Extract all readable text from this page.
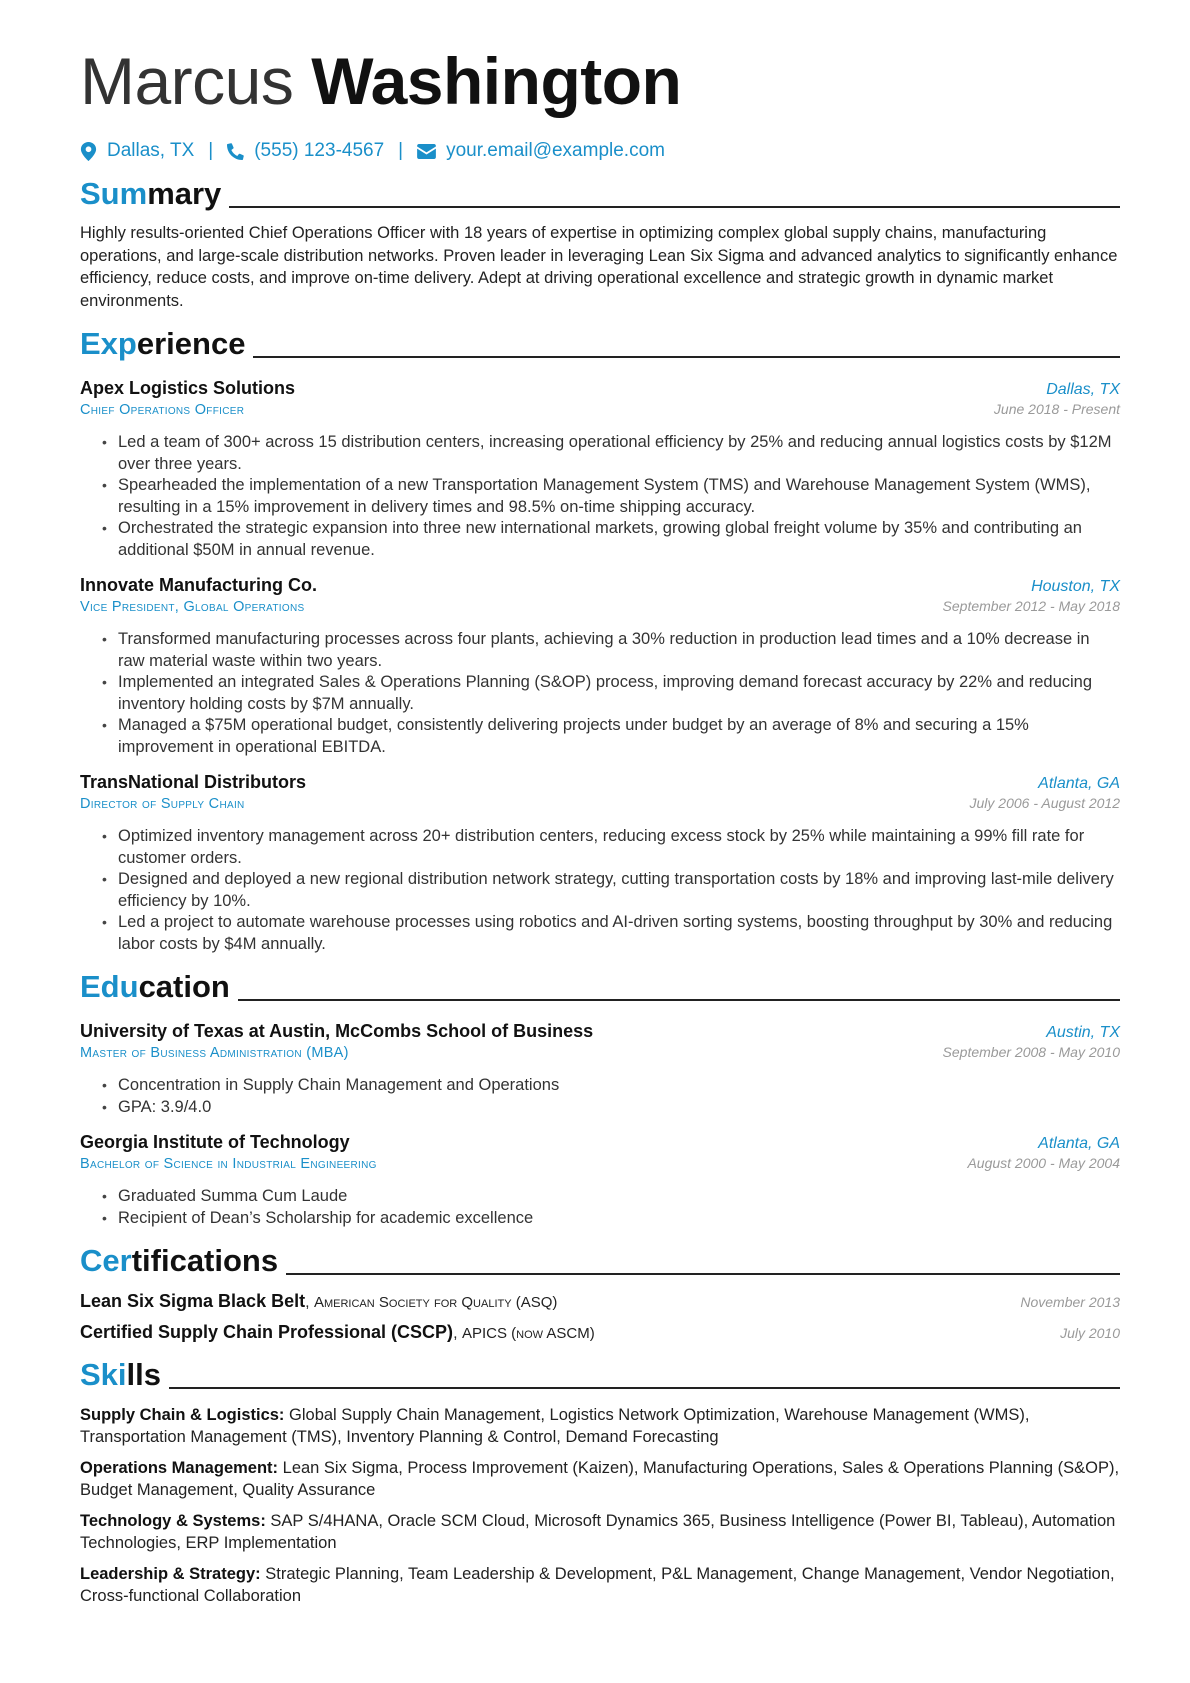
Marcus Washington
Dallas, TX | (555) 123-4567 | your.email@example.com
Summary
Highly results-oriented Chief Operations Officer with 18 years of expertise in optimizing complex global supply chains, manufacturing operations, and large-scale distribution networks. Proven leader in leveraging Lean Six Sigma and advanced analytics to significantly enhance efficiency, reduce costs, and improve on-time delivery. Adept at driving operational excellence and strategic growth in dynamic market environments.
Experience
Apex Logistics Solutions	Dallas, TX
Chief Operations Officer	June 2018 - Present
• Led a team of 300+ across 15 distribution centers, increasing operational efficiency by 25% and reducing annual logistics costs by $12M over three years.
• Spearheaded the implementation of a new Transportation Management System (TMS) and Warehouse Management System (WMS), resulting in a 15% improvement in delivery times and 98.5% on-time shipping accuracy.
• Orchestrated the strategic expansion into three new international markets, growing global freight volume by 35% and contributing an additional $50M in annual revenue.
Innovate Manufacturing Co.	Houston, TX
Vice President, Global Operations	September 2012 - May 2018
• Transformed manufacturing processes across four plants, achieving a 30% reduction in production lead times and a 10% decrease in raw material waste within two years.
• Implemented an integrated Sales & Operations Planning (S&OP) process, improving demand forecast accuracy by 22% and reducing inventory holding costs by $7M annually.
• Managed a $75M operational budget, consistently delivering projects under budget by an average of 8% and securing a 15% improvement in operational EBITDA.
TransNational Distributors	Atlanta, GA
Director of Supply Chain	July 2006 - August 2012
• Optimized inventory management across 20+ distribution centers, reducing excess stock by 25% while maintaining a 99% fill rate for customer orders.
• Designed and deployed a new regional distribution network strategy, cutting transportation costs by 18% and improving last-mile delivery efficiency by 10%.
• Led a project to automate warehouse processes using robotics and AI-driven sorting systems, boosting throughput by 30% and reducing labor costs by $4M annually.
Education
University of Texas at Austin, McCombs School of Business	Austin, TX
Master of Business Administration (MBA)	September 2008 - May 2010
• Concentration in Supply Chain Management and Operations
• GPA: 3.9/4.0
Georgia Institute of Technology	Atlanta, GA
Bachelor of Science in Industrial Engineering	August 2000 - May 2004
• Graduated Summa Cum Laude
• Recipient of Dean’s Scholarship for academic excellence
Certifications
Lean Six Sigma Black Belt, American Society for Quality (ASQ)	November 2013
Certified Supply Chain Professional (CSCP), APICS (now ASCM)	July 2010
Skills
Supply Chain & Logistics: Global Supply Chain Management, Logistics Network Optimization, Warehouse Management (WMS), Transportation Management (TMS), Inventory Planning & Control, Demand Forecasting
Operations Management: Lean Six Sigma, Process Improvement (Kaizen), Manufacturing Operations, Sales & Operations Planning (S&OP), Budget Management, Quality Assurance
Technology & Systems: SAP S/4HANA, Oracle SCM Cloud, Microsoft Dynamics 365, Business Intelligence (Power BI, Tableau), Automation Technologies, ERP Implementation
Leadership & Strategy: Strategic Planning, Team Leadership & Development, P&L Management, Change Management, Vendor Negotiation, Cross-functional Collaboration
